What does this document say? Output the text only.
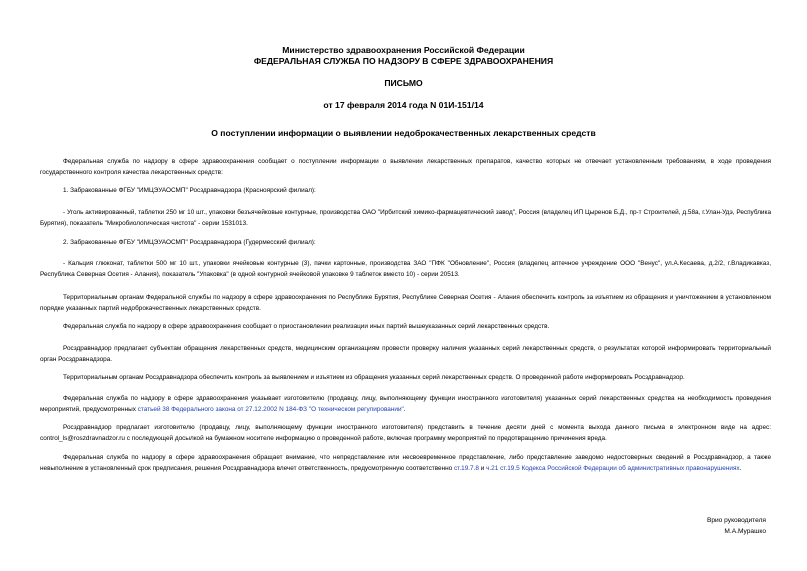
Министерство здравоохранения Российской Федерации
ФЕДЕРАЛЬНАЯ СЛУЖБА ПО НАДЗОРУ В СФЕРЕ ЗДРАВООХРАНЕНИЯ
ПИСЬМО
от 17 февраля 2014 года N 01И-151/14
О поступлении информации о выявлении недоброкачественных лекарственных средств

Федеральная служба по надзору в сфере здравоохранения сообщает о поступлении информации о выявлении лекарственных препаратов, качество которых не отвечает установленным требованиям, в ходе проведения государственного контроля качества лекарственных средств:

1. Забракованные ФГБУ "ИМЦЭУАОСМП" Росздравнадзора (Красноярский филиал):

- Уголь активированный, таблетки 250 мг 10 шт., упаковки безъячейковые контурные, производства ОАО "Ирбитский химико-фармацевтический завод", Россия (владелец ИП Цыренов Б.Д., пр-т Строителей, д.58а, г.Улан-Удэ, Республика Бурятия), показатель "Микробиологическая чистота" - серии 1531013.

2. Забракованные ФГБУ "ИМЦЭУАОСМП" Росздравнадзора (Гудермесский филиал):

- Кальция глюконат, таблетки 500 мг 10 шт., упаковки ячейковые контурные (3), пачки картонные, производства ЗАО "ПФК "Обновление", Россия (владелец аптечное учреждение ООО "Венус", ул.А.Кесаева, д.2/2, г.Владикавказ, Республика Северная Осетия - Алания), показатель "Упаковка" (в одной контурной ячейковой упаковке 9 таблеток вместо 10) - серии 20513.

Территориальным органам Федеральной службы по надзору в сфере здравоохранения по Республике Бурятия, Республике Северная Осетия - Алания обеспечить контроль за изъятием из обращения и уничтожением в установленном порядке указанных партий недоброкачественных лекарственных средств.

Федеральная служба по надзору в сфере здравоохранения сообщает о приостановлении реализации иных партий вышеуказанных серий лекарственных средств.

Росздравнадзор предлагает субъектам обращения лекарственных средств, медицинским организациям провести проверку наличия указанных серий лекарственных средств, о результатах которой информировать территориальный орган Росздравнадзора.

Территориальным органам Росздравнадзора обеспечить контроль за выявлением и изъятием из обращения указанных серий лекарственных средств. О проведенной работе информировать Росздравнадзор.

Федеральная служба по надзору в сфере здравоохранения указывает изготовителю (продавцу, лицу, выполняющему функции иностранного изготовителя) указанных серий лекарственных средства на необходимость проведения мероприятий, предусмотренных статьей 38 Федерального закона от 27.12.2002 N 184-ФЗ "О техническом регулировании".

Росздравнадзор предлагает изготовителю (продавцу, лицу, выполняющему функции иностранного изготовителя) представить в течение десяти дней с момента выхода данного письма в электронном виде на адрес: control_ls@roszdravnadzor.ru с последующей досылкой на бумажном носителе информацию о проведенной работе, включая программу мероприятий по предотвращению причинения вреда.

Федеральная служба по надзору в сфере здравоохранения обращает внимание, что непредставление или несвоевременное представление, либо представление заведомо недостоверных сведений в Росздравнадзор, а также невыполнение в установленный срок предписания, решения Росздравнадзора влечет ответственность, предусмотренную соответственно ст.19.7.8 и ч.21 ст.19.5 Кодекса Российской Федерации об административных правонарушениях.

Врио руководителя
М.А.Мурашко
